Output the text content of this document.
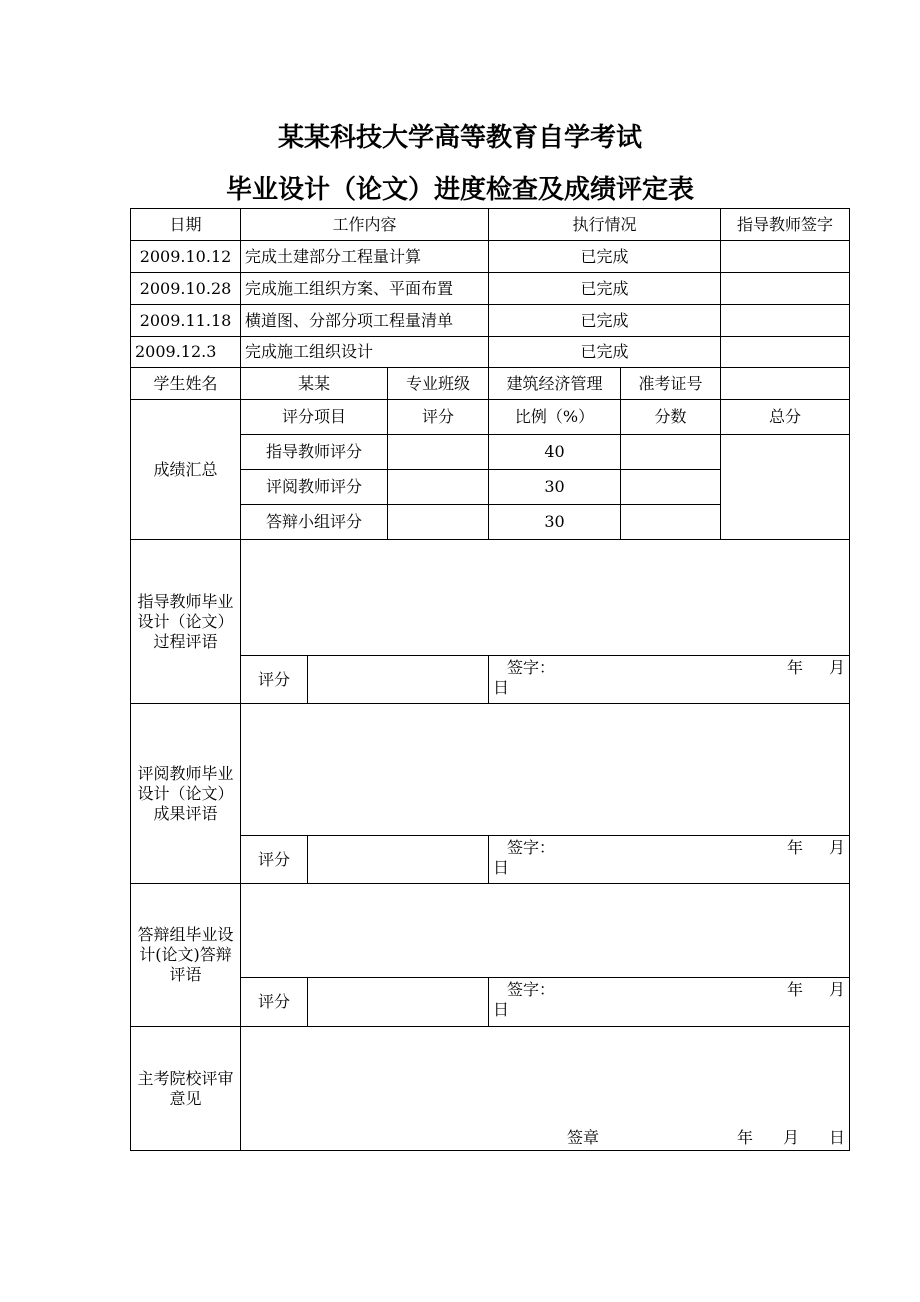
某某科技大学高等教育自学考试
毕业设计（论文）进度检查及成绩评定表
日期	工作内容			执行情况		指导教师签字
2009.10.12	完成土建部分工程量计算			已完成		
2009.10.28	完成施工组织方案、平面布置			已完成		
2009.11.18	横道图、分部分项工程量清单			已完成		
2009.12.3	完成施工组织设计			已完成		
学生姓名	某某		专业班级	建筑经济管理	准考证号	
成绩汇总	评分项目		评分	比例（%）	分数	总分
	指导教师评分			40		
	评阅教师评分			30		
	答辩小组评分			30		
指导教师毕业设计（论文）过程评语						
	评分			签字： 年 月
日		

评阅教师毕业设计（论文）成果评语						
	评分			签字： 年 月
日		

答辩组毕业设计(论文)答辩评语						
	评分			签字： 年 月
日		

主考院校评审意见	签章 年 月 日					
